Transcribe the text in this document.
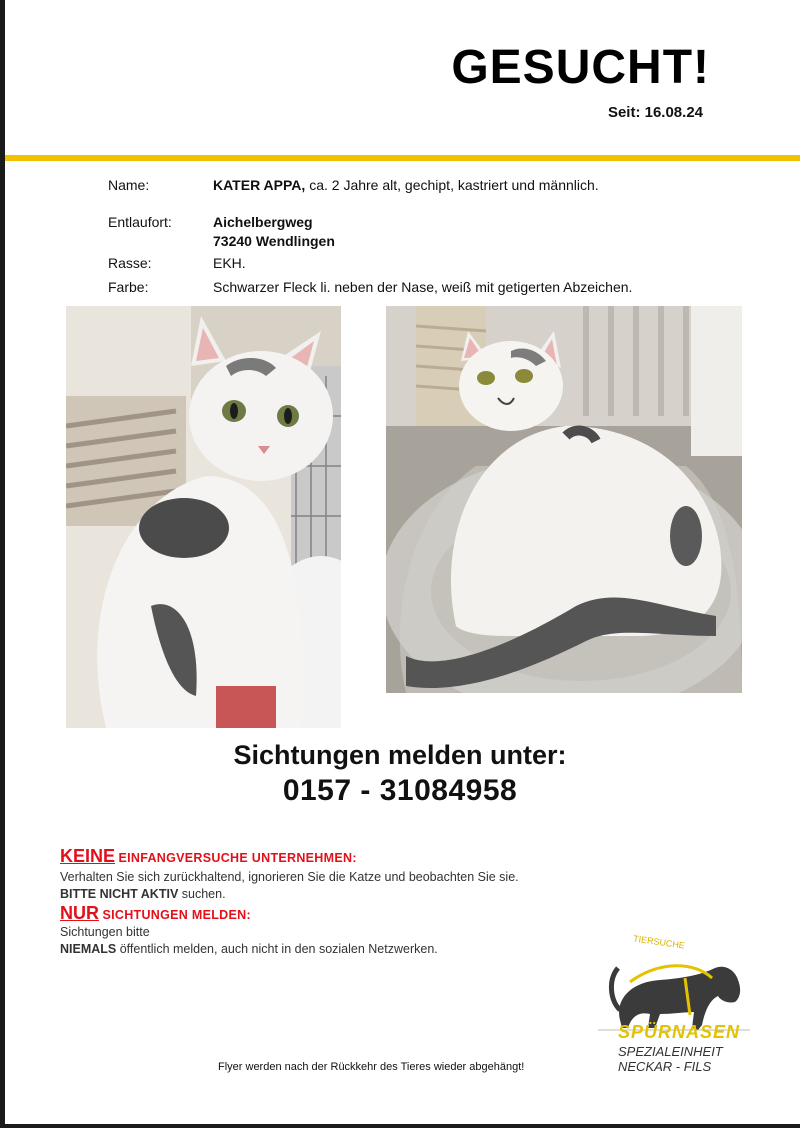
GESUCHT!
Seit: 16.08.24
Name:	KATER APPA, ca. 2 Jahre alt, gechipt, kastriert und männlich.
Entlaufort:	Aichelbergweg
73240 Wendlingen
Rasse:	EKH.
Farbe:	Schwarzer Fleck li. neben der Nase, weiß mit getigerten Abzeichen.
Sichtungen melden unter:
0157 - 31084958
KEINE EINFANGVERSUCHE UNTERNEHMEN:
Verhalten Sie sich zurückhaltend, ignorieren Sie die Katze und beobachten Sie sie.
BITTE NICHT AKTIV suchen.
NUR SICHTUNGEN MELDEN:
Sichtungen bitte
NIEMALS öffentlich melden, auch nicht in den sozialen Netzwerken.	TIERSUCHE
SPÜRNASEN
SPEZIALEINHEIT
NECKAR - FILS
Flyer werden nach der Rückkehr des Tieres wieder abgehängt!
